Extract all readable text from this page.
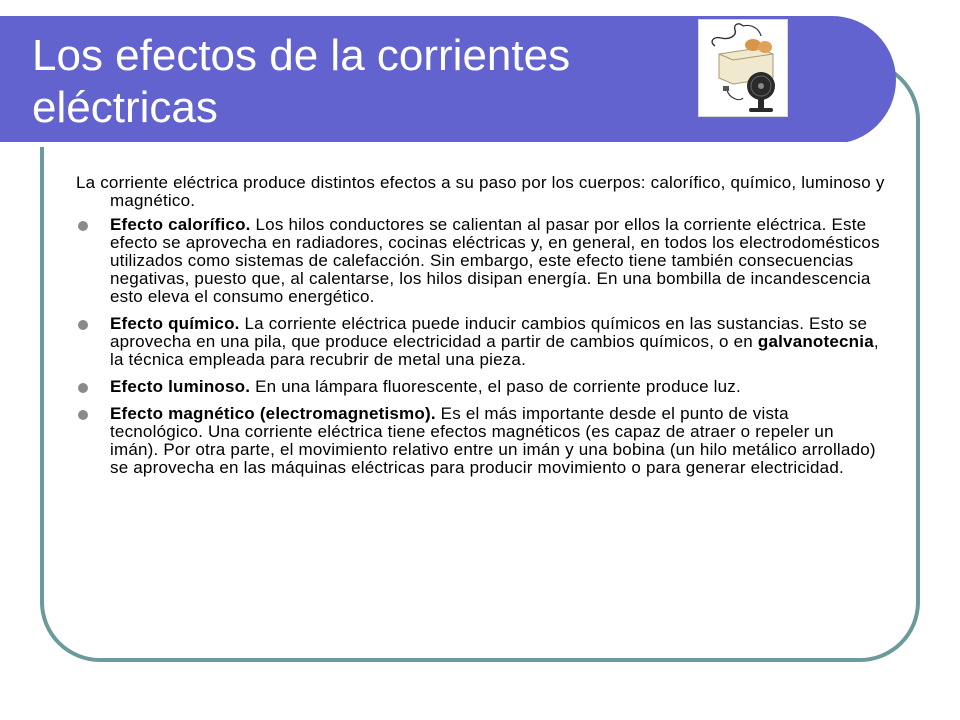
Los efectos de la corrientes eléctricas

La corriente eléctrica produce distintos efectos a su paso por los cuerpos: calorífico, químico, luminoso y magnético.

Efecto calorífico. Los hilos conductores se calientan al pasar por ellos la corriente eléctrica. Este efecto se aprovecha en radiadores, cocinas eléctricas y, en general, en todos los electrodomésticos utilizados como sistemas de calefacción. Sin embargo, este efecto tiene también consecuencias negativas, puesto que, al calentarse, los hilos disipan energía. En una bombilla de incandescencia esto eleva el consumo energético.
Efecto químico. La corriente eléctrica puede inducir cambios químicos en las sustancias. Esto se aprovecha en una pila, que produce electricidad a partir de cambios químicos, o en galvanotecnia, la técnica empleada para recubrir de metal una pieza.
Efecto luminoso. En una lámpara fluorescente, el paso de corriente produce luz.
Efecto magnético (electromagnetismo). Es el más importante desde el punto de vista tecnológico. Una corriente eléctrica tiene efectos magnéticos (es capaz de atraer o repeler un imán). Por otra parte, el movimiento relativo entre un imán y una bobina (un hilo metálico arrollado) se aprovecha en las máquinas eléctricas para producir movimiento o para generar electricidad.
